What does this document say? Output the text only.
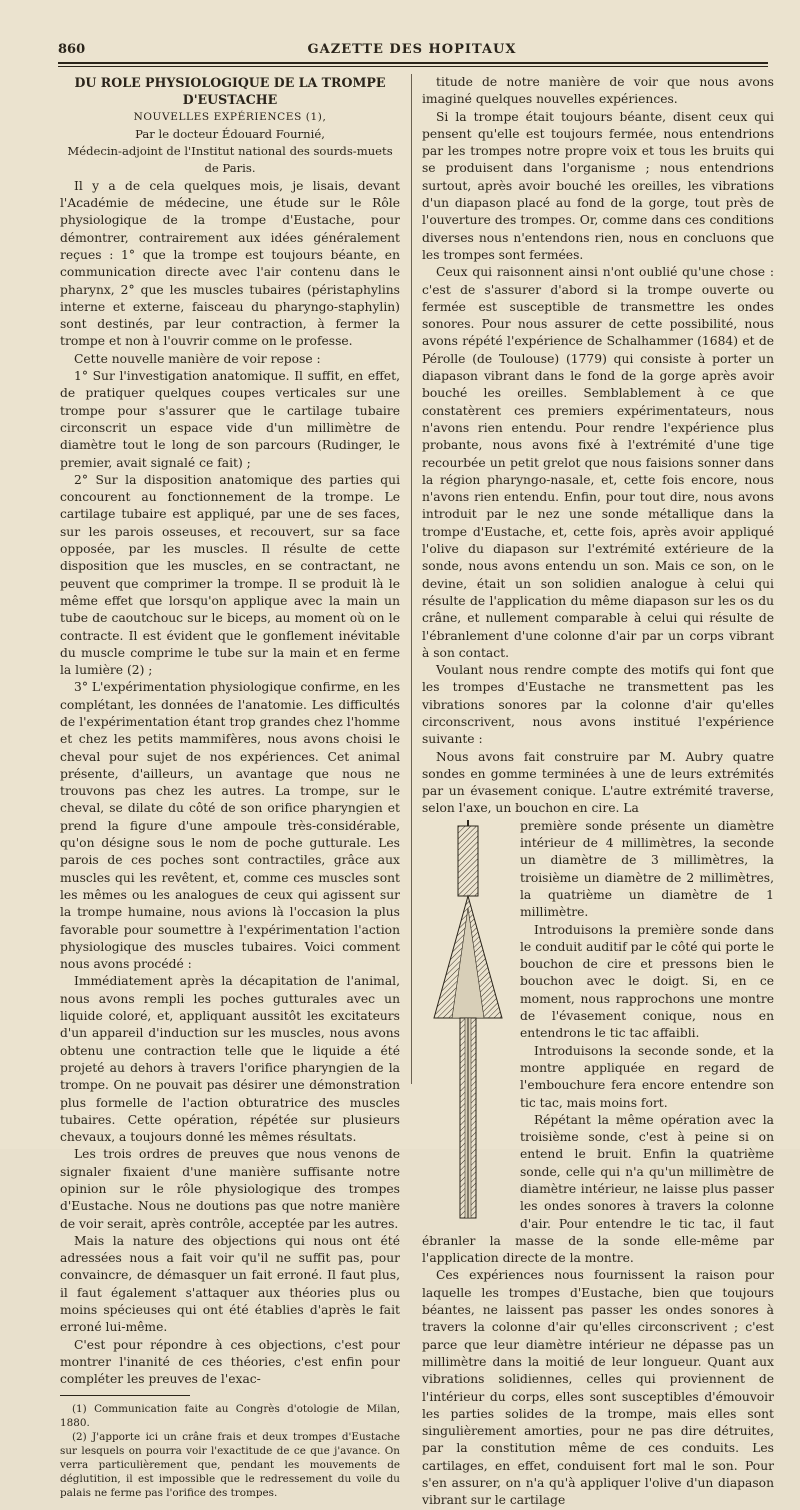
860	GAZETTE DES HOPITAUX

DU ROLE PHYSIOLOGIQUE DE LA TROMPE D'EUSTACHE

NOUVELLES EXPÉRIENCES (1),

Par le docteur Édouard Fournié,

Médecin-adjoint de l'Institut national des sourds-muets de Paris.

Il y a de cela quelques mois, je lisais, devant l'Académie de médecine, une étude sur le Rôle physiologique de la trompe d'Eustache, pour démontrer, contrairement aux idées généralement reçues : 1° que la trompe est toujours béante, en communication directe avec l'air contenu dans le pharynx, 2° que les muscles tubaires (péristaphylins interne et externe, faisceau du pharyngo-staphylin) sont destinés, par leur contraction, à fermer la trompe et non à l'ouvrir comme on le professe.

Cette nouvelle manière de voir repose :

1° Sur l'investigation anatomique. Il suffit, en effet, de pratiquer quelques coupes verticales sur une trompe pour s'assurer que le cartilage tubaire circonscrit un espace vide d'un millimètre de diamètre tout le long de son parcours (Rudinger, le premier, avait signalé ce fait) ;

2° Sur la disposition anatomique des parties qui concourent au fonctionnement de la trompe. Le cartilage tubaire est appliqué, par une de ses faces, sur les parois osseuses, et recouvert, sur sa face opposée, par les muscles. Il résulte de cette disposition que les muscles, en se contractant, ne peuvent que comprimer la trompe. Il se produit là le même effet que lorsqu'on applique avec la main un tube de caoutchouc sur le biceps, au moment où on le contracte. Il est évident que le gonflement inévitable du muscle comprime le tube sur la main et en ferme la lumière (2) ;

3° L'expérimentation physiologique confirme, en les complétant, les données de l'anatomie. Les difficultés de l'expérimentation étant trop grandes chez l'homme et chez les petits mammifères, nous avons choisi le cheval pour sujet de nos expériences. Cet animal présente, d'ailleurs, un avantage que nous ne trouvons pas chez les autres. La trompe, sur le cheval, se dilate du côté de son orifice pharyngien et prend la figure d'une ampoule très-considérable, qu'on désigne sous le nom de poche gutturale. Les parois de ces poches sont contractiles, grâce aux muscles qui les revêtent, et, comme ces muscles sont les mêmes ou les analogues de ceux qui agissent sur la trompe humaine, nous avions là l'occasion la plus favorable pour soumettre à l'expérimentation l'action physiologique des muscles tubaires. Voici comment nous avons procédé :

Immédiatement après la décapitation de l'animal, nous avons rempli les poches gutturales avec un liquide coloré, et, appliquant aussitôt les excitateurs d'un appareil d'induction sur les muscles, nous avons obtenu une contraction telle que le liquide a été projeté au dehors à travers l'orifice pharyngien de la trompe. On ne pouvait pas désirer une démonstration plus formelle de l'action obturatrice des muscles tubaires. Cette opération, répétée sur plusieurs chevaux, a toujours donné les mêmes résultats.

Les trois ordres de preuves que nous venons de signaler fixaient d'une manière suffisante notre opinion sur le rôle physiologique des trompes d'Eustache. Nous ne doutions pas que notre manière de voir serait, après contrôle, acceptée par les autres.

Mais la nature des objections qui nous ont été adressées nous a fait voir qu'il ne suffit pas, pour convaincre, de démasquer un fait erroné. Il faut plus, il faut également s'attaquer aux théories plus ou moins spécieuses qui ont été établies d'après le fait erroné lui-même.

C'est pour répondre à ces objections, c'est pour montrer l'inanité de ces théories, c'est enfin pour compléter les preuves de l'exac-

(1) Communication faite au Congrès d'otologie de Milan, 1880.

(2) J'apporte ici un crâne frais et deux trompes d'Eustache sur lesquels on pourra voir l'exactitude de ce que j'avance. On verra particulièrement que, pendant les mouvements de déglutition, il est impossible que le redressement du voile du palais ne ferme pas l'orifice des trompes.

titude de notre manière de voir que nous avons imaginé quelques nouvelles expériences.

Si la trompe était toujours béante, disent ceux qui pensent qu'elle est toujours fermée, nous entendrions par les trompes notre propre voix et tous les bruits qui se produisent dans l'organisme ; nous entendrions surtout, après avoir bouché les oreilles, les vibrations d'un diapason placé au fond de la gorge, tout près de l'ouverture des trompes. Or, comme dans ces conditions diverses nous n'entendons rien, nous en concluons que les trompes sont fermées.

Ceux qui raisonnent ainsi n'ont oublié qu'une chose : c'est de s'assurer d'abord si la trompe ouverte ou fermée est susceptible de transmettre les ondes sonores. Pour nous assurer de cette possibilité, nous avons répété l'expérience de Schalhammer (1684) et de Pérolle (de Toulouse) (1779) qui consiste à porter un diapason vibrant dans le fond de la gorge après avoir bouché les oreilles. Semblablement à ce que constatèrent ces premiers expérimentateurs, nous n'avons rien entendu. Pour rendre l'expérience plus probante, nous avons fixé à l'extrémité d'une tige recourbée un petit grelot que nous faisions sonner dans la région pharyngo-nasale, et, cette fois encore, nous n'avons rien entendu. Enfin, pour tout dire, nous avons introduit par le nez une sonde métallique dans la trompe d'Eustache, et, cette fois, après avoir appliqué l'olive du diapason sur l'extrémité extérieure de la sonde, nous avons entendu un son. Mais ce son, on le devine, était un son solidien analogue à celui qui résulte de l'application du même diapason sur les os du crâne, et nullement comparable à celui qui résulte de l'ébranlement d'une colonne d'air par un corps vibrant à son contact.

Voulant nous rendre compte des motifs qui font que les trompes d'Eustache ne transmettent pas les vibrations sonores par la colonne d'air qu'elles circonscrivent, nous avons institué l'expérience suivante :

Nous avons fait construire par M. Aubry quatre sondes en gomme terminées à une de leurs extrémités par un évasement conique. L'autre extrémité traverse, selon l'axe, un bouchon en cire. La

première sonde présente un diamètre intérieur de 4 millimètres, la seconde un diamètre de 3 millimètres, la troisième un diamètre de 2 millimètres, la quatrième un diamètre de 1 millimètre.

Introduisons la première sonde dans le conduit auditif par le côté qui porte le bouchon de cire et pressons bien le bouchon avec le doigt. Si, en ce moment, nous rapprochons une montre de l'évasement conique, nous en entendrons le tic tac affaibli.

Introduisons la seconde sonde, et la montre appliquée en regard de l'embouchure fera encore entendre son tic tac, mais moins fort.

Répétant la même opération avec la troisième sonde, c'est à peine si on entend le bruit. Enfin la quatrième sonde, celle qui n'a qu'un millimètre de diamètre intérieur, ne laisse plus passer les ondes sonores à travers la colonne d'air. Pour entendre le tic tac, il faut ébranler la masse de la sonde elle-même par l'application directe de la montre.

Ces expériences nous fournissent la raison pour laquelle les trompes d'Eustache, bien que toujours béantes, ne laissent pas passer les ondes sonores à travers la colonne d'air qu'elles circonscrivent ; c'est parce que leur diamètre intérieur ne dépasse pas un millimètre dans la moitié de leur longueur. Quant aux vibrations solidiennes, celles qui proviennent de l'intérieur du corps, elles sont susceptibles d'émouvoir les parties solides de la trompe, mais elles sont singulièrement amorties, pour ne pas dire détruites, par la constitution même de ces conduits. Les cartilages, en effet, conduisent fort mal le son. Pour s'en assurer, on n'a qu'à appliquer l'olive d'un diapason vibrant sur le cartilage
